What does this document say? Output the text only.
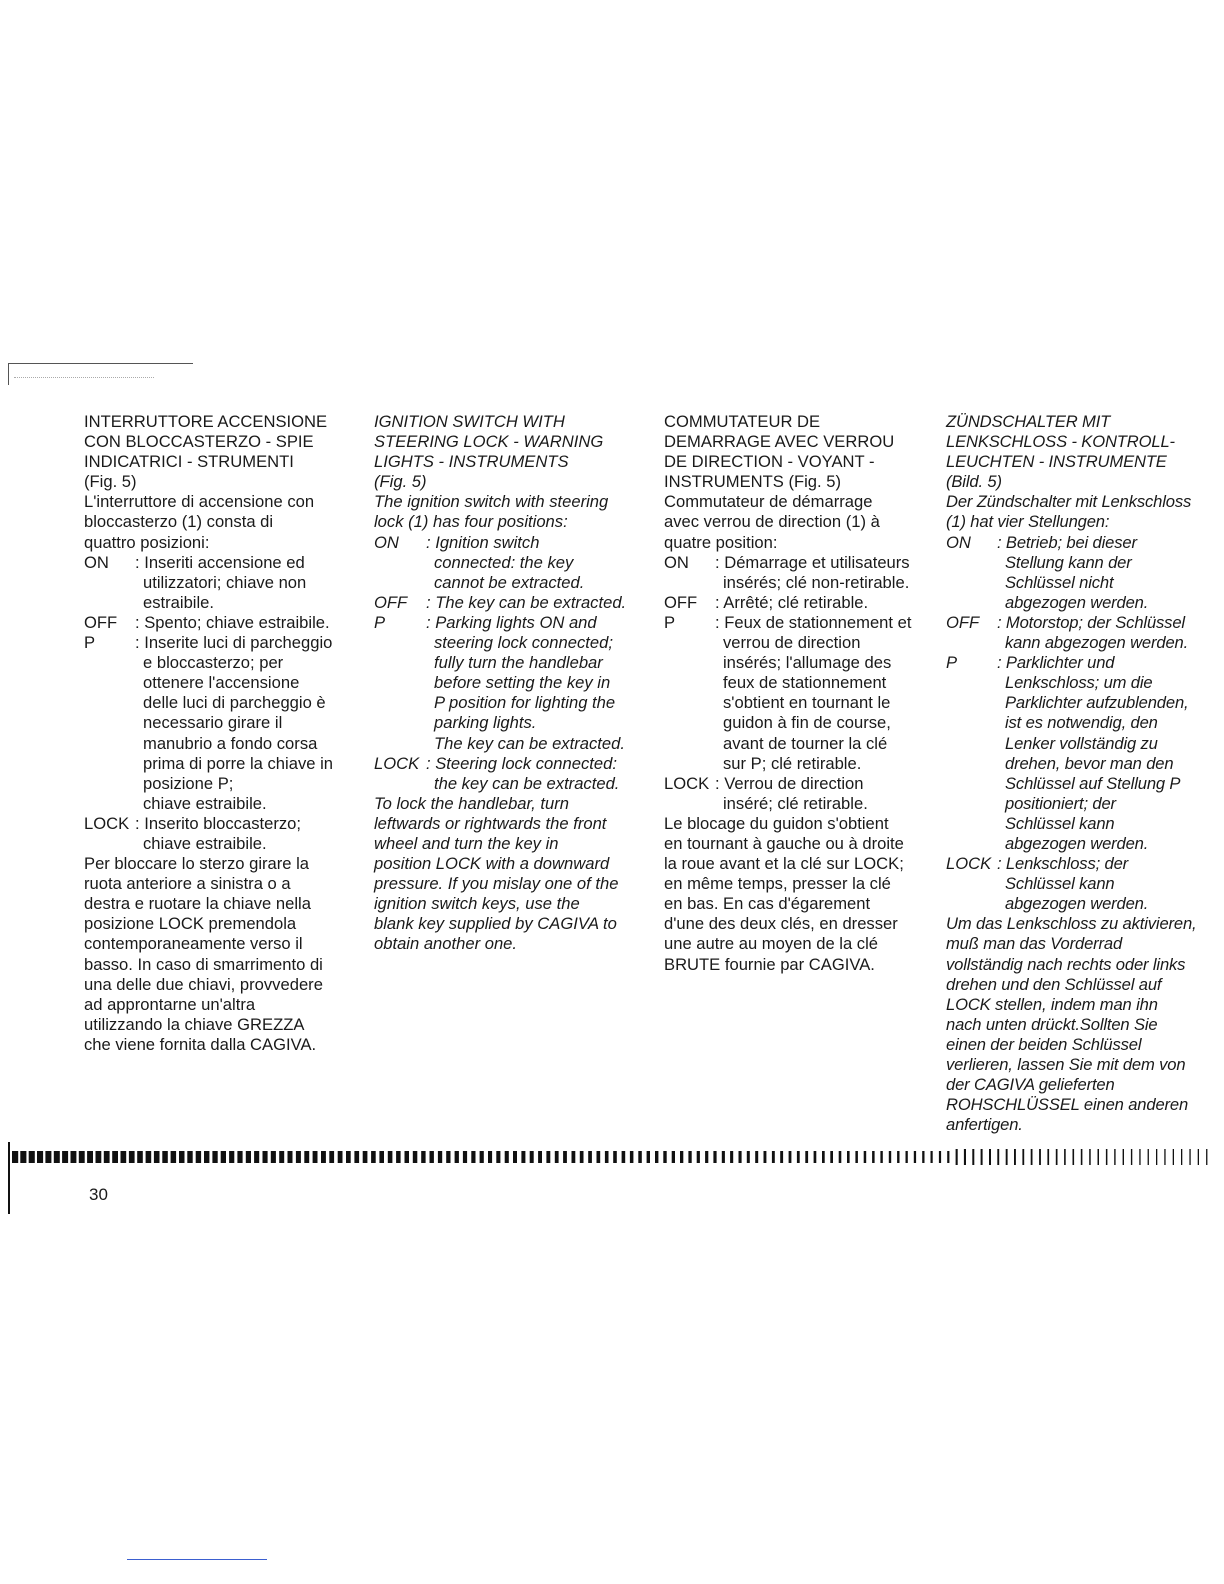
INTERRUTTORE ACCENSIONE

CON BLOCCASTERZO - SPIE

INDICATRICI - STRUMENTI

(Fig. 5)

L'interruttore di accensione con

bloccasterzo (1) consta di

quattro posizioni:

ON	: Inseriti accensione ed

utilizzatori; chiave non

estraibile.

OFF	: Spento; chiave estraibile.

P	: Inserite luci di parcheggio

e bloccasterzo; per

ottenere l'accensione

delle luci di parcheggio è

necessario girare il

manubrio a fondo corsa

prima di porre la chiave in

posizione P;

chiave estraibile.

LOCK : Inserito bloccasterzo;

chiave estraibile.

Per bloccare lo sterzo girare la

ruota anteriore a sinistra o a

destra e ruotare la chiave nella

posizione LOCK premendola

contemporaneamente verso il

basso. In caso di smarrimento di

una delle due chiavi, provvedere

ad approntarne un'altra

utilizzando la chiave GREZZA

che viene fornita dalla CAGIVA.

IGNITION SWITCH WITH

STEERING LOCK - WARNING

LIGHTS - INSTRUMENTS

(Fig. 5)

The ignition switch with steering

lock (1) has four positions:

ON	: Ignition switch

connected: the key

cannot be extracted.

OFF	: The key can be extracted.

P	: Parking lights ON and

steering lock connected;

fully turn the handlebar

before setting the key in

P position for lighting the

parking lights.

The key can be extracted.

LOCK : Steering lock connected:

the key can be extracted.

To lock the handlebar, turn

leftwards or rightwards the front

wheel and turn the key in

position LOCK with a downward

pressure. If you mislay one of the

ignition switch keys, use the

blank key supplied by CAGIVA to

obtain another one.

COMMUTATEUR DE

DEMARRAGE AVEC VERROU

DE DIRECTION - VOYANT -

INSTRUMENTS (Fig. 5)

Commutateur de démarrage

avec verrou de direction (1) à

quatre position:

ON	: Démarrage et utilisateurs

insérés; clé non-retirable.

OFF	: Arrêté; clé retirable.

P	: Feux de stationnement et

verrou de direction

insérés; l'allumage des

feux de stationnement

s'obtient en tournant le

guidon à fin de course,

avant de tourner la clé

sur P; clé retirable.

LOCK : Verrou de direction

inséré; clé retirable.

Le blocage du guidon s'obtient

en tournant à gauche ou à droite

la roue avant et la clé sur LOCK;

en même temps, presser la clé

en bas. En cas d'égarement

d'une des deux clés, en dresser

une autre au moyen de la clé

BRUTE fournie par CAGIVA.

ZÜNDSCHALTER MIT

LENKSCHLOSS - KONTROLL-

LEUCHTEN - INSTRUMENTE

(Bild. 5)

Der Zündschalter mit Lenkschloss

(1) hat vier Stellungen:

ON	: Betrieb; bei dieser

Stellung kann der

Schlüssel nicht

abgezogen werden.

OFF	: Motorstop; der Schlüssel

kann abgezogen werden.

P	: Parklichter und

Lenkschloss; um die

Parklichter aufzublenden,

ist es notwendig, den

Lenker vollständig zu

drehen, bevor man den

Schlüssel auf Stellung P

positioniert; der

Schlüssel kann

abgezogen werden.

LOCK : Lenkschloss; der

Schlüssel kann

abgezogen werden.

Um das Lenkschloss zu aktivieren,

muß man das Vorderrad

vollständig nach rechts oder links

drehen und den Schlüssel auf

LOCK stellen, indem man ihn

nach unten drückt.Sollten Sie

einen der beiden Schlüssel

verlieren, lassen Sie mit dem von

der CAGIVA gelieferten

ROHSCHLÜSSEL einen anderen

anfertigen.

30
